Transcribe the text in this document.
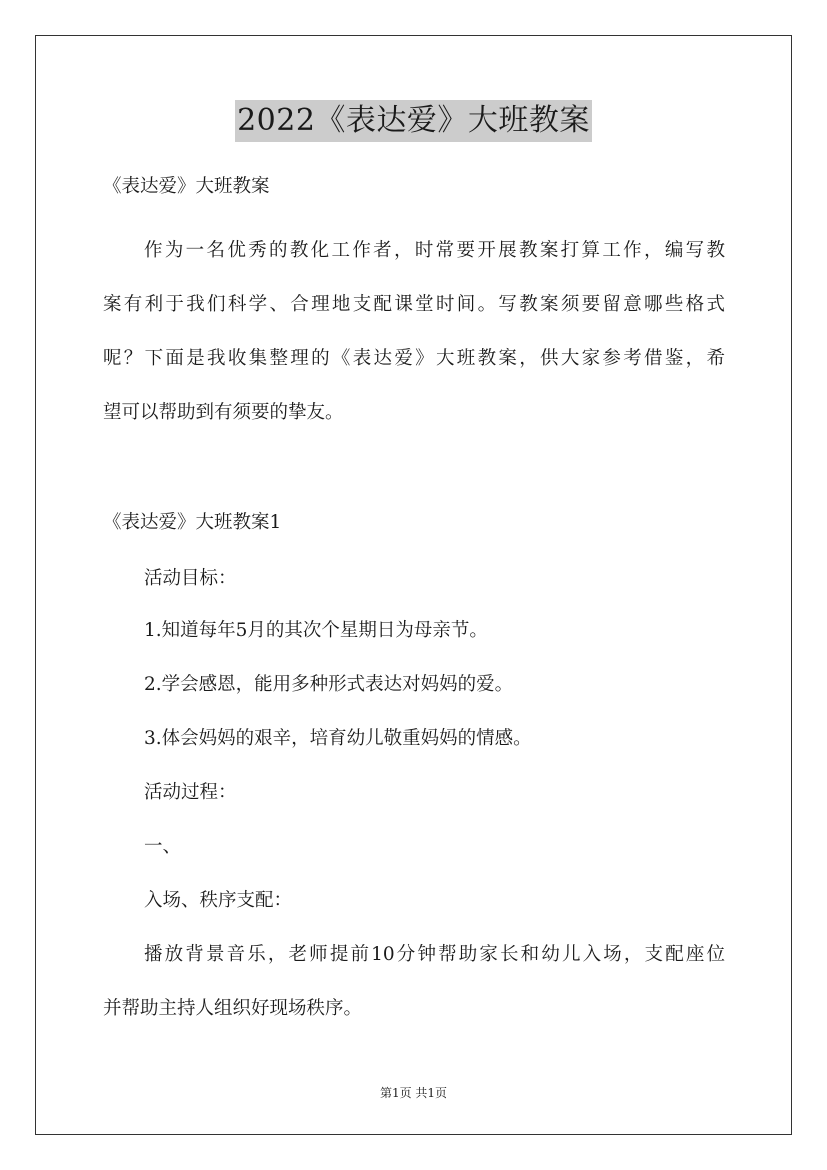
2022《表达爱》大班教案
《表达爱》大班教案
作为一名优秀的教化工作者，时常要开展教案打算工作，编写教
案有利于我们科学、合理地支配课堂时间。写教案须要留意哪些格式
呢？下面是我收集整理的《表达爱》大班教案，供大家参考借鉴，希
望可以帮助到有须要的挚友。
《表达爱》大班教案1
活动目标：
1.知道每年5月的其次个星期日为母亲节。
2.学会感恩，能用多种形式表达对妈妈的爱。
3.体会妈妈的艰辛，培育幼儿敬重妈妈的情感。
活动过程：
一、
入场、秩序支配：
播放背景音乐，老师提前10分钟帮助家长和幼儿入场，支配座位
并帮助主持人组织好现场秩序。
第1页 共1页
